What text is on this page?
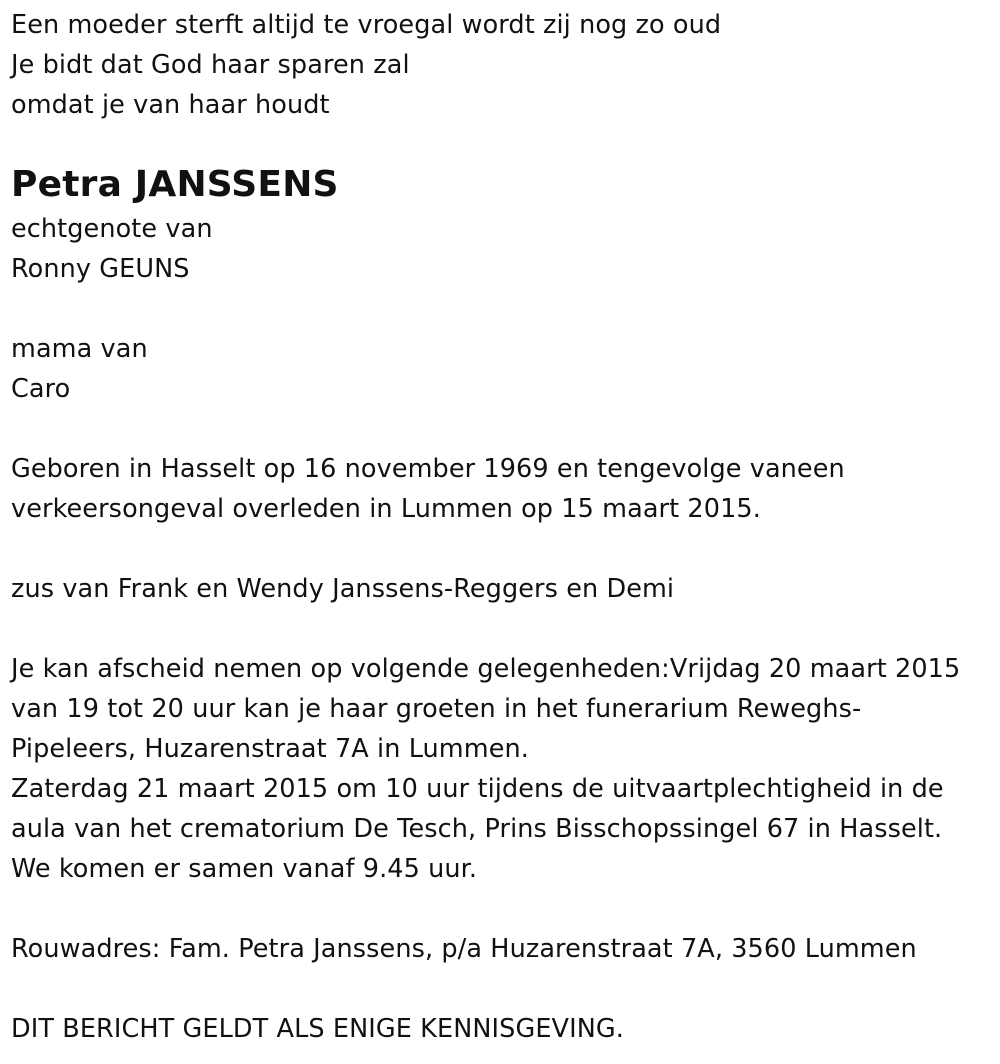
Een moeder sterft altijd te vroegal wordt zij nog zo oud
Je bidt dat God haar sparen zal
omdat je van haar houdt
Petra JANSSENS
echtgenote van
Ronny GEUNS
mama van
Caro
Geboren in Hasselt op 16 november 1969 en tengevolge vaneen
verkeersongeval overleden in Lummen op 15 maart 2015.
zus van Frank en Wendy Janssens-Reggers en Demi
Je kan afscheid nemen op volgende gelegenheden:Vrijdag 20 maart 2015
van 19 tot 20 uur kan je haar groeten in het funerarium Reweghs-
Pipeleers, Huzarenstraat 7A in Lummen.
Zaterdag 21 maart 2015 om 10 uur tijdens de uitvaartplechtigheid in de
aula van het crematorium De Tesch, Prins Bisschopssingel 67 in Hasselt.
We komen er samen vanaf 9.45 uur.
Rouwadres: Fam. Petra Janssens, p/a Huzarenstraat 7A, 3560 Lummen
DIT BERICHT GELDT ALS ENIGE KENNISGEVING.
